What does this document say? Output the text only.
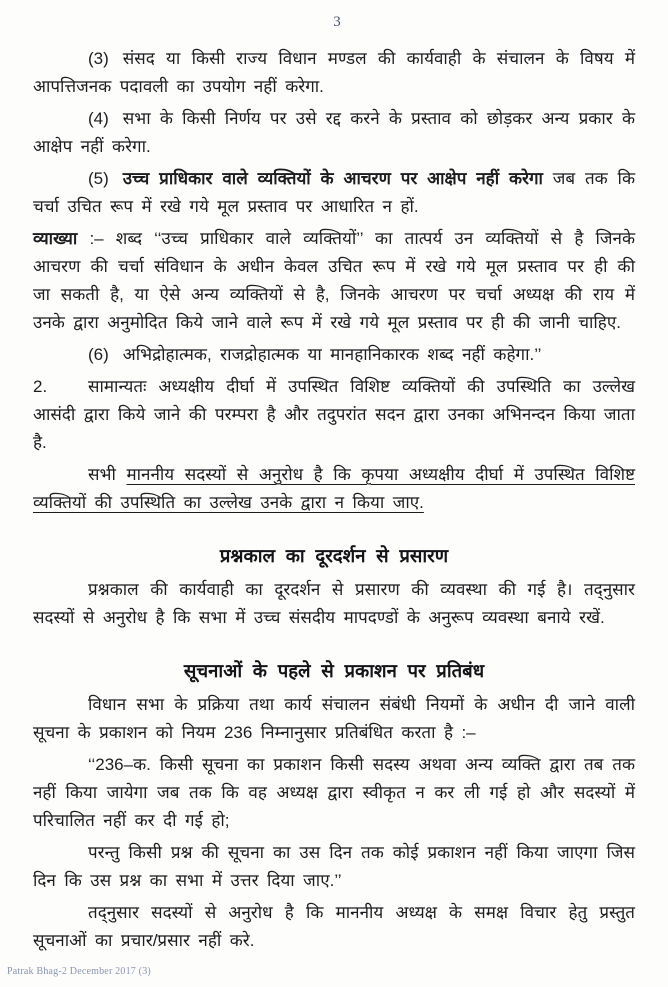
3

(3) संसद या किसी राज्य विधान मण्डल की कार्यवाही के संचालन के विषय में आपत्तिजनक पदावली का उपयोग नहीं करेगा.

(4) सभा के किसी निर्णय पर उसे रद्द करने के प्रस्ताव को छोड़कर अन्य प्रकार के आक्षेप नहीं करेगा.

(5) उच्च प्राधिकार वाले व्यक्तियों के आचरण पर आक्षेप नहीं करेगा जब तक कि चर्चा उचित रूप में रखे गये मूल प्रस्ताव पर आधारित न हों.

व्याख्या :– शब्द ‘‘उच्च प्राधिकार वाले व्यक्तियों’’ का तात्पर्य उन व्यक्तियों से है जिनके आचरण की चर्चा संविधान के अधीन केवल उचित रूप में रखे गये मूल प्रस्ताव पर ही की जा सकती है, या ऐसे अन्य व्यक्तियों से है, जिनके आचरण पर चर्चा अध्यक्ष की राय में उनके द्वारा अनुमोदित किये जाने वाले रूप में रखे गये मूल प्रस्ताव पर ही की जानी चाहिए.

(6) अभिद्रोहात्मक, राजद्रोहात्मक या मानहानिकारक शब्द नहीं कहेगा.’’

2. सामान्यतः अध्यक्षीय दीर्घा में उपस्थित विशिष्ट व्यक्तियों की उपस्थिति का उल्लेख आसंदी द्वारा किये जाने की परम्परा है और तदुपरांत सदन द्वारा उनका अभिनन्दन किया जाता है.

सभी माननीय सदस्यों से अनुरोध है कि कृपया अध्यक्षीय दीर्घा में उपस्थित विशिष्ट व्यक्तियों की उपस्थिति का उल्लेख उनके द्वारा न किया जाए.

प्रश्नकाल का दूरदर्शन से प्रसारण

प्रश्नकाल की कार्यवाही का दूरदर्शन से प्रसारण की व्यवस्था की गई है। तद्नुसार सदस्यों से अनुरोध है कि सभा में उच्च संसदीय मापदण्डों के अनुरूप व्यवस्था बनाये रखें.

सूचनाओं के पहले से प्रकाशन पर प्रतिबंध

विधान सभा के प्रक्रिया तथा कार्य संचालन संबंधी नियमों के अधीन दी जाने वाली सूचना के प्रकाशन को नियम 236 निम्नानुसार प्रतिबंधित करता है :–

‘‘236–क. किसी सूचना का प्रकाशन किसी सदस्य अथवा अन्य व्यक्ति द्वारा तब तक नहीं किया जायेगा जब तक कि वह अध्यक्ष द्वारा स्वीकृत न कर ली गई हो और सदस्यों में परिचालित नहीं कर दी गई हो;

परन्तु किसी प्रश्न की सूचना का उस दिन तक कोई प्रकाशन नहीं किया जाएगा जिस दिन कि उस प्रश्न का सभा में उत्तर दिया जाए.’’

तद्नुसार सदस्यों से अनुरोध है कि माननीय अध्यक्ष के समक्ष विचार हेतु प्रस्तुत सूचनाओं का प्रचार/प्रसार नहीं करे.

Patrak Bhag-2 December 2017 (3)
